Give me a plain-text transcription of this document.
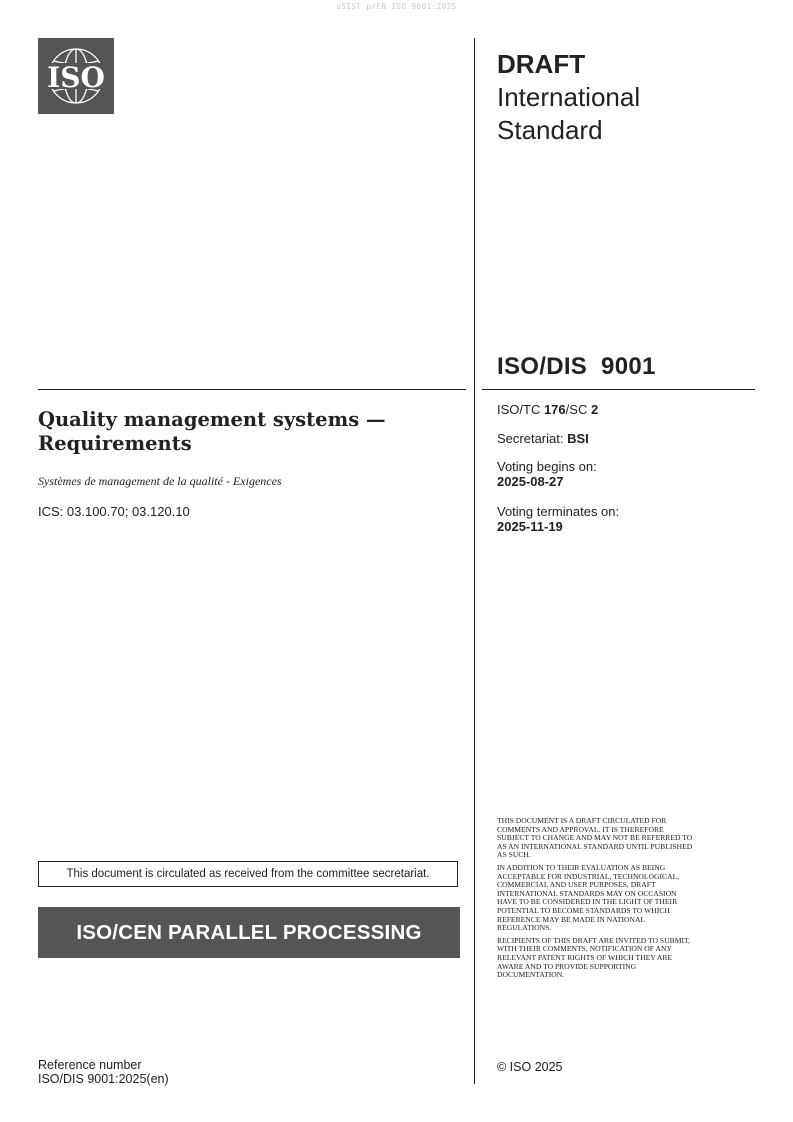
oSIST prEN ISO 9001:2025
ISO	DRAFT
International
Standard
ISO/DIS  9001
Quality management systems —
Requirements
Systèmes de management de la qualité - Exigences
ICS: 03.100.70; 03.120.10
ISO/TC 176/SC 2
Secretariat: BSI
Voting begins on:
2025-08-27
Voting terminates on:
2025-11-19

THIS DOCUMENT IS A DRAFT CIRCULATED FOR COMMENTS AND APPROVAL. IT IS THEREFORE SUBJECT TO CHANGE AND MAY NOT BE REFERRED TO AS AN INTERNATIONAL STANDARD UNTIL PUBLISHED AS SUCH.

IN ADDITION TO THEIR EVALUATION AS BEING ACCEPTABLE FOR INDUSTRIAL, TECHNOLOGICAL, COMMERCIAL AND USER PURPOSES, DRAFT INTERNATIONAL STANDARDS MAY ON OCCASION HAVE TO BE CONSIDERED IN THE LIGHT OF THEIR POTENTIAL TO BECOME STANDARDS TO WHICH REFERENCE MAY BE MADE IN NATIONAL REGULATIONS.

RECIPIENTS OF THIS DRAFT ARE INVITED TO SUBMIT, WITH THEIR COMMENTS, NOTIFICATION OF ANY RELEVANT PATENT RIGHTS OF WHICH THEY ARE AWARE AND TO PROVIDE SUPPORTING DOCUMENTATION.

This document is circulated as received from the committee secretariat.
ISO/CEN PARALLEL PROCESSING
Reference number
ISO/DIS 9001:2025(en)
© ISO 2025
